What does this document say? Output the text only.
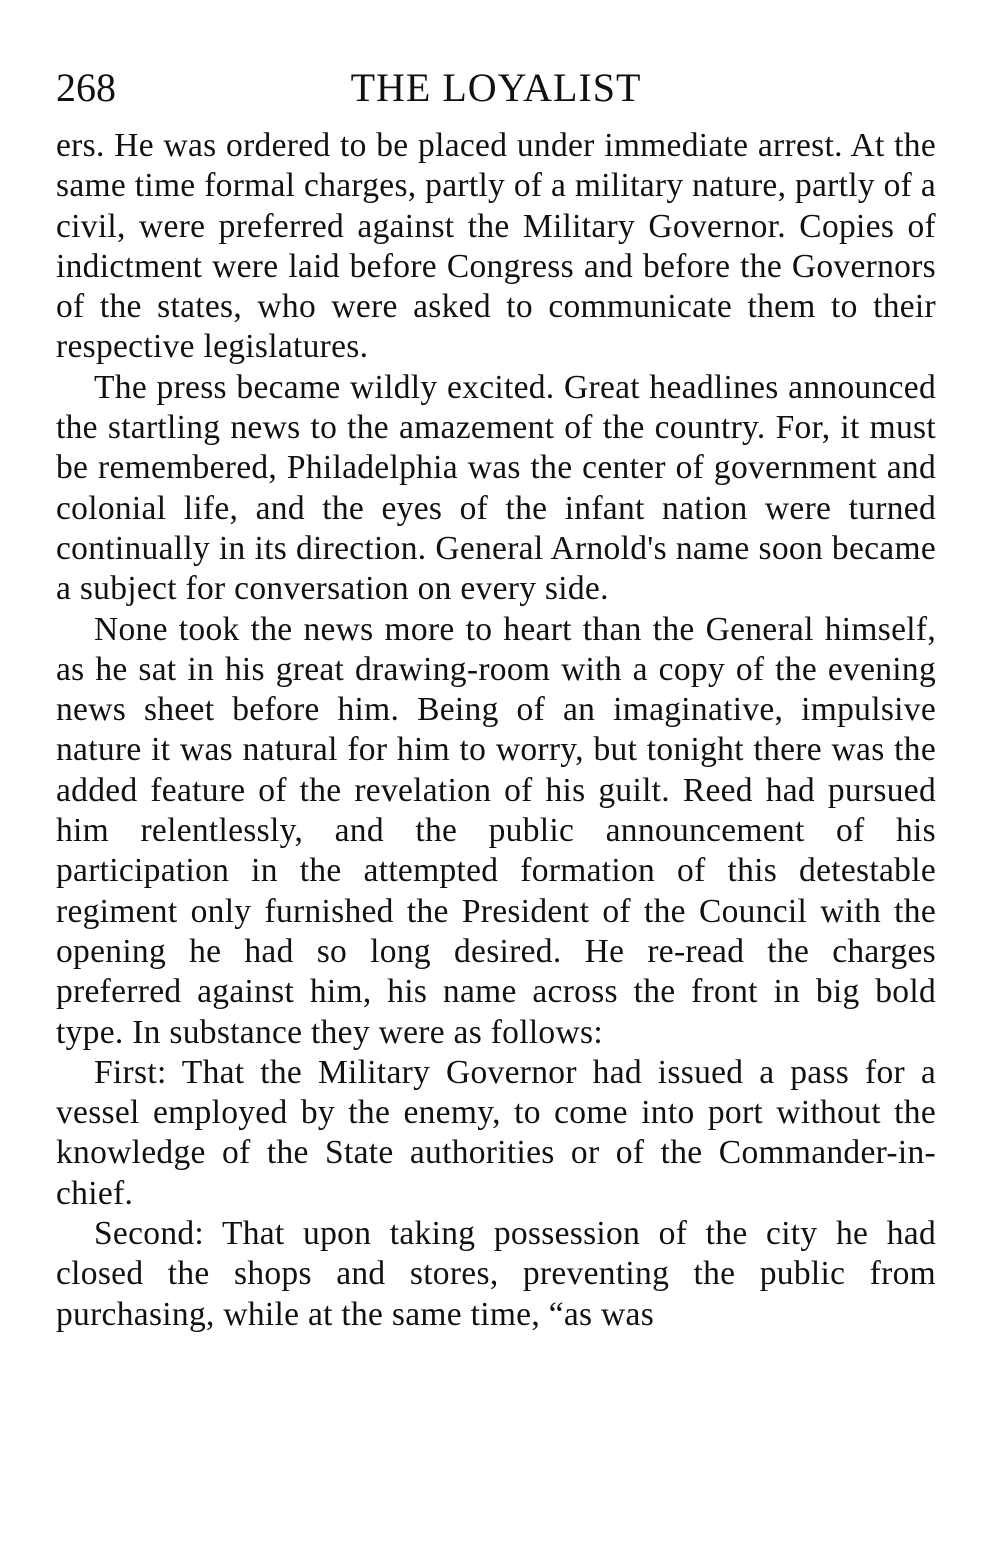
268	THE LOYALIST

ers. He was ordered to be placed under immediate arrest. At the same time formal charges, partly of a military nature, partly of a civil, were preferred against the Military Governor. Copies of indictment were laid before Congress and before the Governors of the states, who were asked to communicate them to their respective legislatures.

The press became wildly excited. Great headlines announced the startling news to the amazement of the country. For, it must be remembered, Philadelphia was the center of government and colonial life, and the eyes of the infant nation were turned continually in its direction. General Arnold's name soon became a subject for conversation on every side.

None took the news more to heart than the General himself, as he sat in his great drawing-room with a copy of the evening news sheet before him. Being of an imaginative, impulsive nature it was natural for him to worry, but tonight there was the added feature of the revelation of his guilt. Reed had pursued him relentlessly, and the public announcement of his participation in the attempted formation of this detestable regiment only furnished the President of the Council with the opening he had so long desired. He re-read the charges preferred against him, his name across the front in big bold type. In substance they were as follows:

First: That the Military Governor had issued a pass for a vessel employed by the enemy, to come into port without the knowledge of the State authorities or of the Commander-in-chief.

Second: That upon taking possession of the city he had closed the shops and stores, preventing the public from purchasing, while at the same time, “as was
